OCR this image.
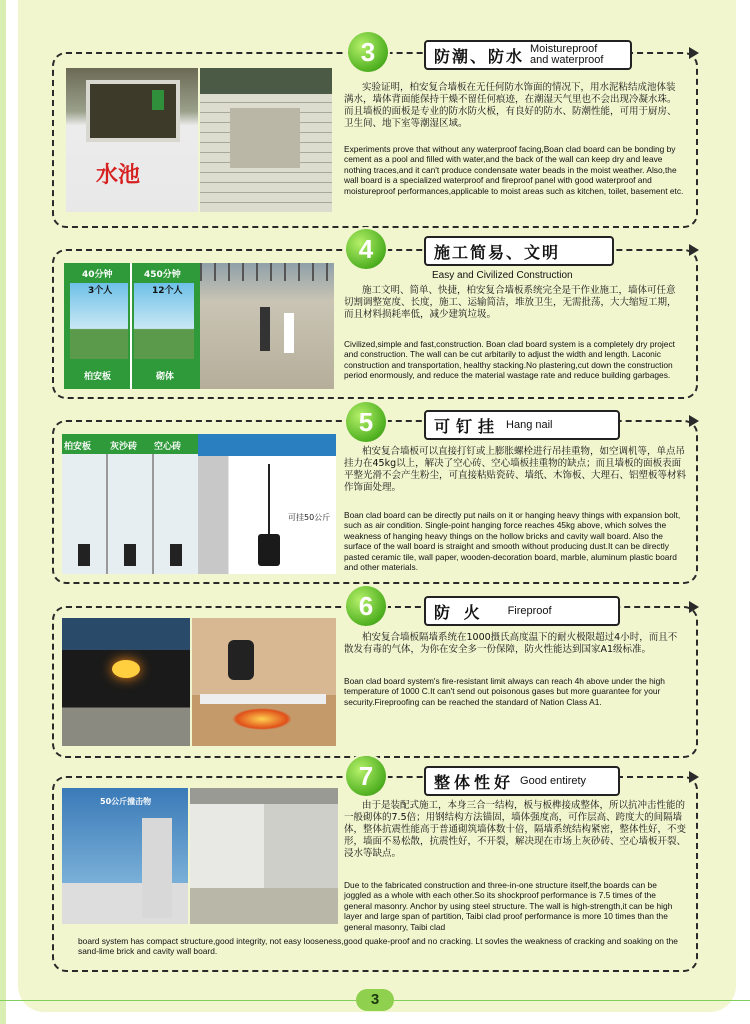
3	防潮、防水 Moistureproof and waterproof
水池
实验证明，柏安复合墙板在无任何防水饰面的情况下，用水泥粘结成池体装满水，墙体背面能保持干燥不留任何痕迹，在潮湿天气里也不会出现冷凝水珠。而且墙板的面板是专业的防水防火板，有良好的防水、防潮性能，可用于厨房、卫生间、地下室等潮湿区域。
Experiments prove that without any waterproof facing,Boan clad board can be bonding by cement as a pool and filled with water,and the back of the wall can keep dry and leave nothing traces,and it can't produce condensate water beads in the moist weather. Also,the wall board is a specialized waterproof and fireproof panel with good waterproof and moistureproof performances,applicable to moist areas such as kitchen, toilet, basement etc.
4	施工简易、文明
Easy and Civilized Construction
40分钟	450分钟
3个人	12个人
柏安板	砌体
施工文明、简单、快捷，柏安复合墙板系统完全是干作业施工，墙体可任意切割调整宽度、长度，施工、运输简洁，堆放卫生，无需批荡，大大缩短工期，而且材料损耗率低，减少建筑垃圾。
Civilized,simple and fast,construction. Boan clad board system is a completely dry project and construction. The wall can be cut arbitarily to adjust the width and length. Laconic construction and transportation, healthy stacking.No plastering,cut down the construction period enormously, and reduce the material wastage rate and reduce building garbages.
5	可钉挂 Hang nail
柏安板 灰沙砖 空心砖
可挂50公斤
柏安复合墙板可以直接打钉或上膨胀螺栓进行吊挂重物，如空调机等，单点吊挂力在45kg以上，解决了空心砖、空心墙板挂重物的缺点；而且墙板的面板表面平整光滑不会产生粉尘，可直接粘贴瓷砖、墙纸、木饰板、大理石、铝塑板等材料作饰面处理。
Boan clad board can be directly put nails on it or hanging heavy things with expansion bolt, such as air condition. Single-point hanging force reaches 45kg above, which solves the weakness of hanging heavy things on the hollow bricks and cavity wall board. Also the surface of the wall board is straight and smooth without producing dust.It can be directly pasted ceramic tile, wall paper, wooden-decoration board, marble, aluminum plastic board and other materials.
6	防 火 Fireproof
柏安复合墙板隔墙系统在1000摄氏高度温下的耐火极限超过4小时，而且不散发有毒的气体，为你在安全多一份保障，防火性能达到国家A1级标准。
Boan clad board system's fire-resistant limit always can reach 4h above under the high temperature of 1000 C.It can't send out poisonous gases but more guarantee for your security.Fireproofing can be reached the standard of Nation Class A1.
7	整体性好 Good entirety
50公斤撞击物	由于是装配式施工，本身三合一结构，板与板榫接成整体，所以抗冲击性能的一般砌体的7.5倍；用钢结构方法锚固，墙体强度高，可作层高、跨度大的间隔墙体，整体抗震性能高于普通砌筑墙体数十倍，隔墙系统结构紧密，整体性好，不变形，墙面不易松散，抗震性好，不开裂，解决现在市场上灰砂砖、空心墙板开裂、浸水等缺点。
Due to the fabricated construction and three-in-one structure itself,the boards can be joggled as a whole with each other.So its shockproof performance is 7.5 times of the general masonry. Anchor by using steel structure. The wall is high-strength,it can be high layer and large span of partition, Taibi clad proof performance is more 10 times than the general masonry, Taibi clad
board system has compact structure,good integrity, not easy looseness,good quake-proof and no cracking. Lt sovles the weakness of cracking and soaking on the sand-lime brick and cavity wall board.
3
